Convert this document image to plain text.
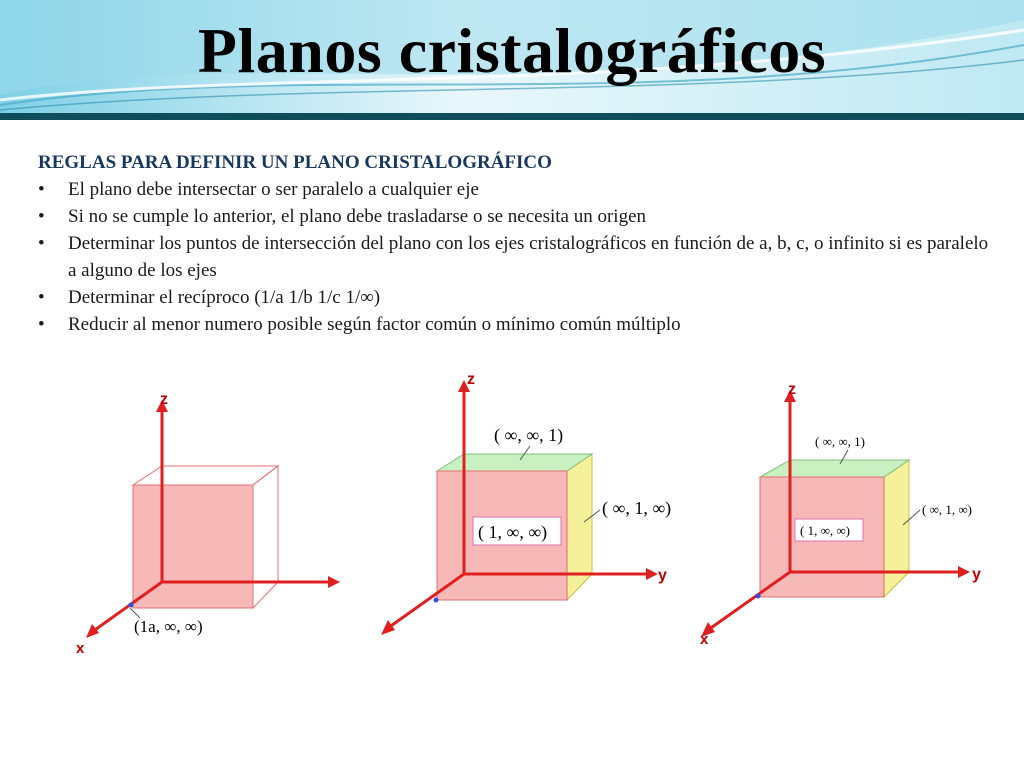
Planos cristalográficos

REGLAS PARA DEFINIR UN PLANO CRISTALOGRÁFICO

• El plano debe intersectar o ser paralelo a cualquier eje
• Si no se cumple lo anterior, el plano debe trasladarse o se necesita un origen
• Determinar los puntos de intersección del plano con los ejes cristalográficos en función de a, b, c, o infinito si es paralelo a alguno de los ejes
• Determinar el recíproco (1/a 1/b 1/c 1/∞)
• Reducir al menor numero posible según factor común o mínimo común múltiplo
z
x
(1a, ∞, ∞)
z
y
( ∞, ∞, 1)
( ∞, 1, ∞)
( 1, ∞, ∞)
z
y
x
( ∞, ∞, 1)
( ∞, 1, ∞)
( 1, ∞, ∞)
